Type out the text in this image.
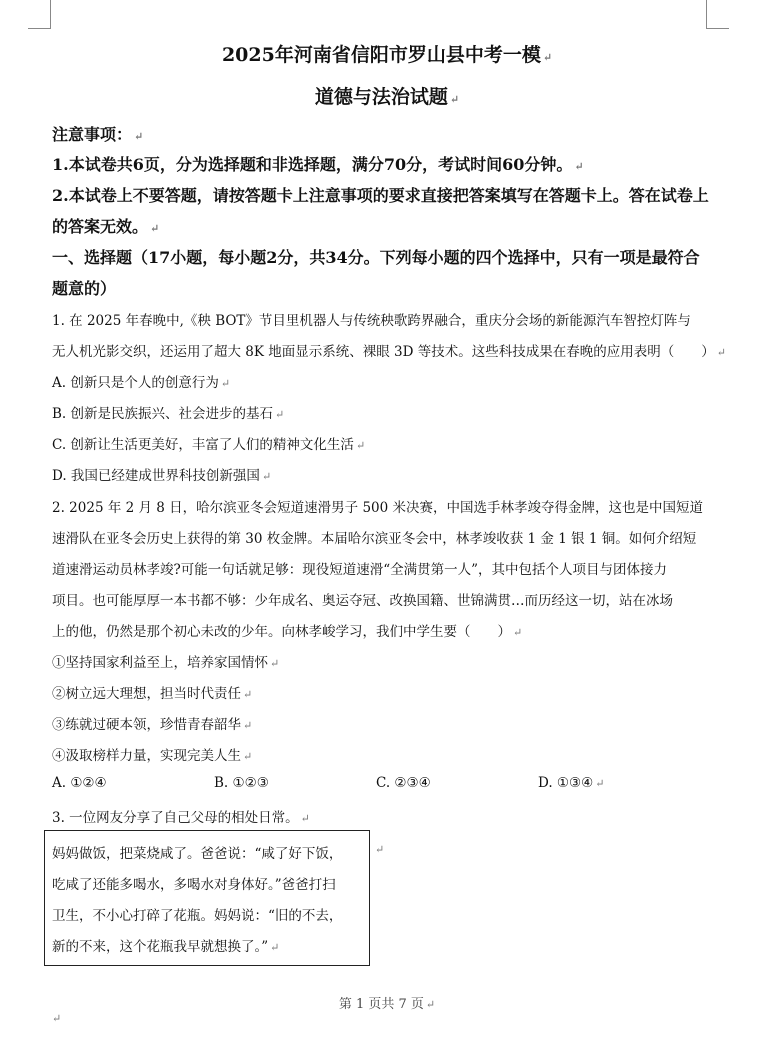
2025年河南省信阳市罗山县中考一模 ↵
道德与法治试题 ↵
注意事项： ↵
1.本试卷共6页，分为选择题和非选择题，满分70分，考试时间60分钟。 ↵
2.本试卷上不要答题，请按答题卡上注意事项的要求直接把答案填写在答题卡上。答在试卷上
的答案无效。 ↵
一、选择题（17小题，每小题2分，共34分。下列每小题的四个选择中，只有一项是最符合
题意的）
1. 在 2025 年春晚中,《秧 BOT》节目里机器人与传统秧歌跨界融合，重庆分会场的新能源汽车智控灯阵与
无人机光影交织，还运用了超大 8K 地面显示系统、裸眼 3D 等技术。这些科技成果在春晚的应用表明（　　） ↵
A. 创新只是个人的创意行为 ↵
B. 创新是民族振兴、社会进步的基石 ↵
C. 创新让生活更美好，丰富了人们的精神文化生活 ↵
D. 我国已经建成世界科技创新强国 ↵
2. 2025 年 2 月 8 日，哈尔滨亚冬会短道速滑男子 500 米决赛，中国选手林孝竣夺得金牌，这也是中国短道
速滑队在亚冬会历史上获得的第 30 枚金牌。本届哈尔滨亚冬会中，林孝竣收获 1 金 1 银 1 铜。如何介绍短
道速滑运动员林孝竣?可能一句话就足够：现役短道速滑“全满贯第一人”，其中包括个人项目与团体接力
项目。也可能厚厚一本书都不够：少年成名、奥运夺冠、改换国籍、世锦满贯…而历经这一切，站在冰场
上的他，仍然是那个初心未改的少年。向林孝峻学习，我们中学生要（　　） ↵
①坚持国家利益至上，培养家国情怀 ↵
②树立远大理想，担当时代责任 ↵
③练就过硬本领，珍惜青春韶华 ↵
④汲取榜样力量，实现完美人生 ↵
A. ①②④	B. ①②③	C. ②③④	D. ①③④ ↵
3. 一位网友分享了自己父母的相处日常。 ↵
妈妈做饭，把菜烧咸了。爸爸说：“咸了好下饭，
吃咸了还能多喝水，多喝水对身体好。”爸爸打扫
卫生，不小心打碎了花瓶。妈妈说：“旧的不去，
新的不来，这个花瓶我早就想换了。” ↵
↵
第 1 页共 7 页 ↵
↵
